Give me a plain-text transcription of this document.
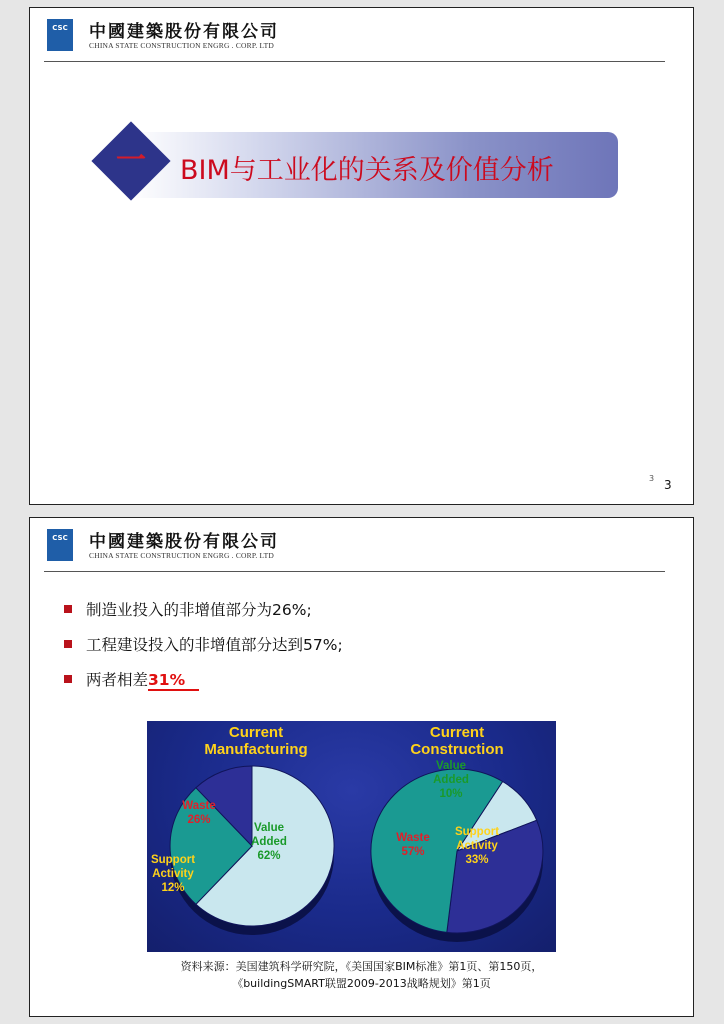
CSC	中國建築股份有限公司
CHINA STATE CONSTRUCTION ENGRG . CORP. LTD
一	BIM与工业化的关系及价值分析
3 3
CSC	中國建築股份有限公司
CHINA STATE CONSTRUCTION ENGRG . CORP. LTD
制造业投入的非增值部分为26%;
工程建设投入的非增值部分达到57%;
两者相差31%
Current
Manufacturing
Value
Added
62%
Waste
26%
Support
Activity
12%
Current
Construction
Value
Added
10%
Support
Activity
33%
Waste
57%
资料来源：美国建筑科学研究院，《美国国家BIM标准》第1页、第150页，
《buildingSMART联盟2009-2013战略规划》第1页
